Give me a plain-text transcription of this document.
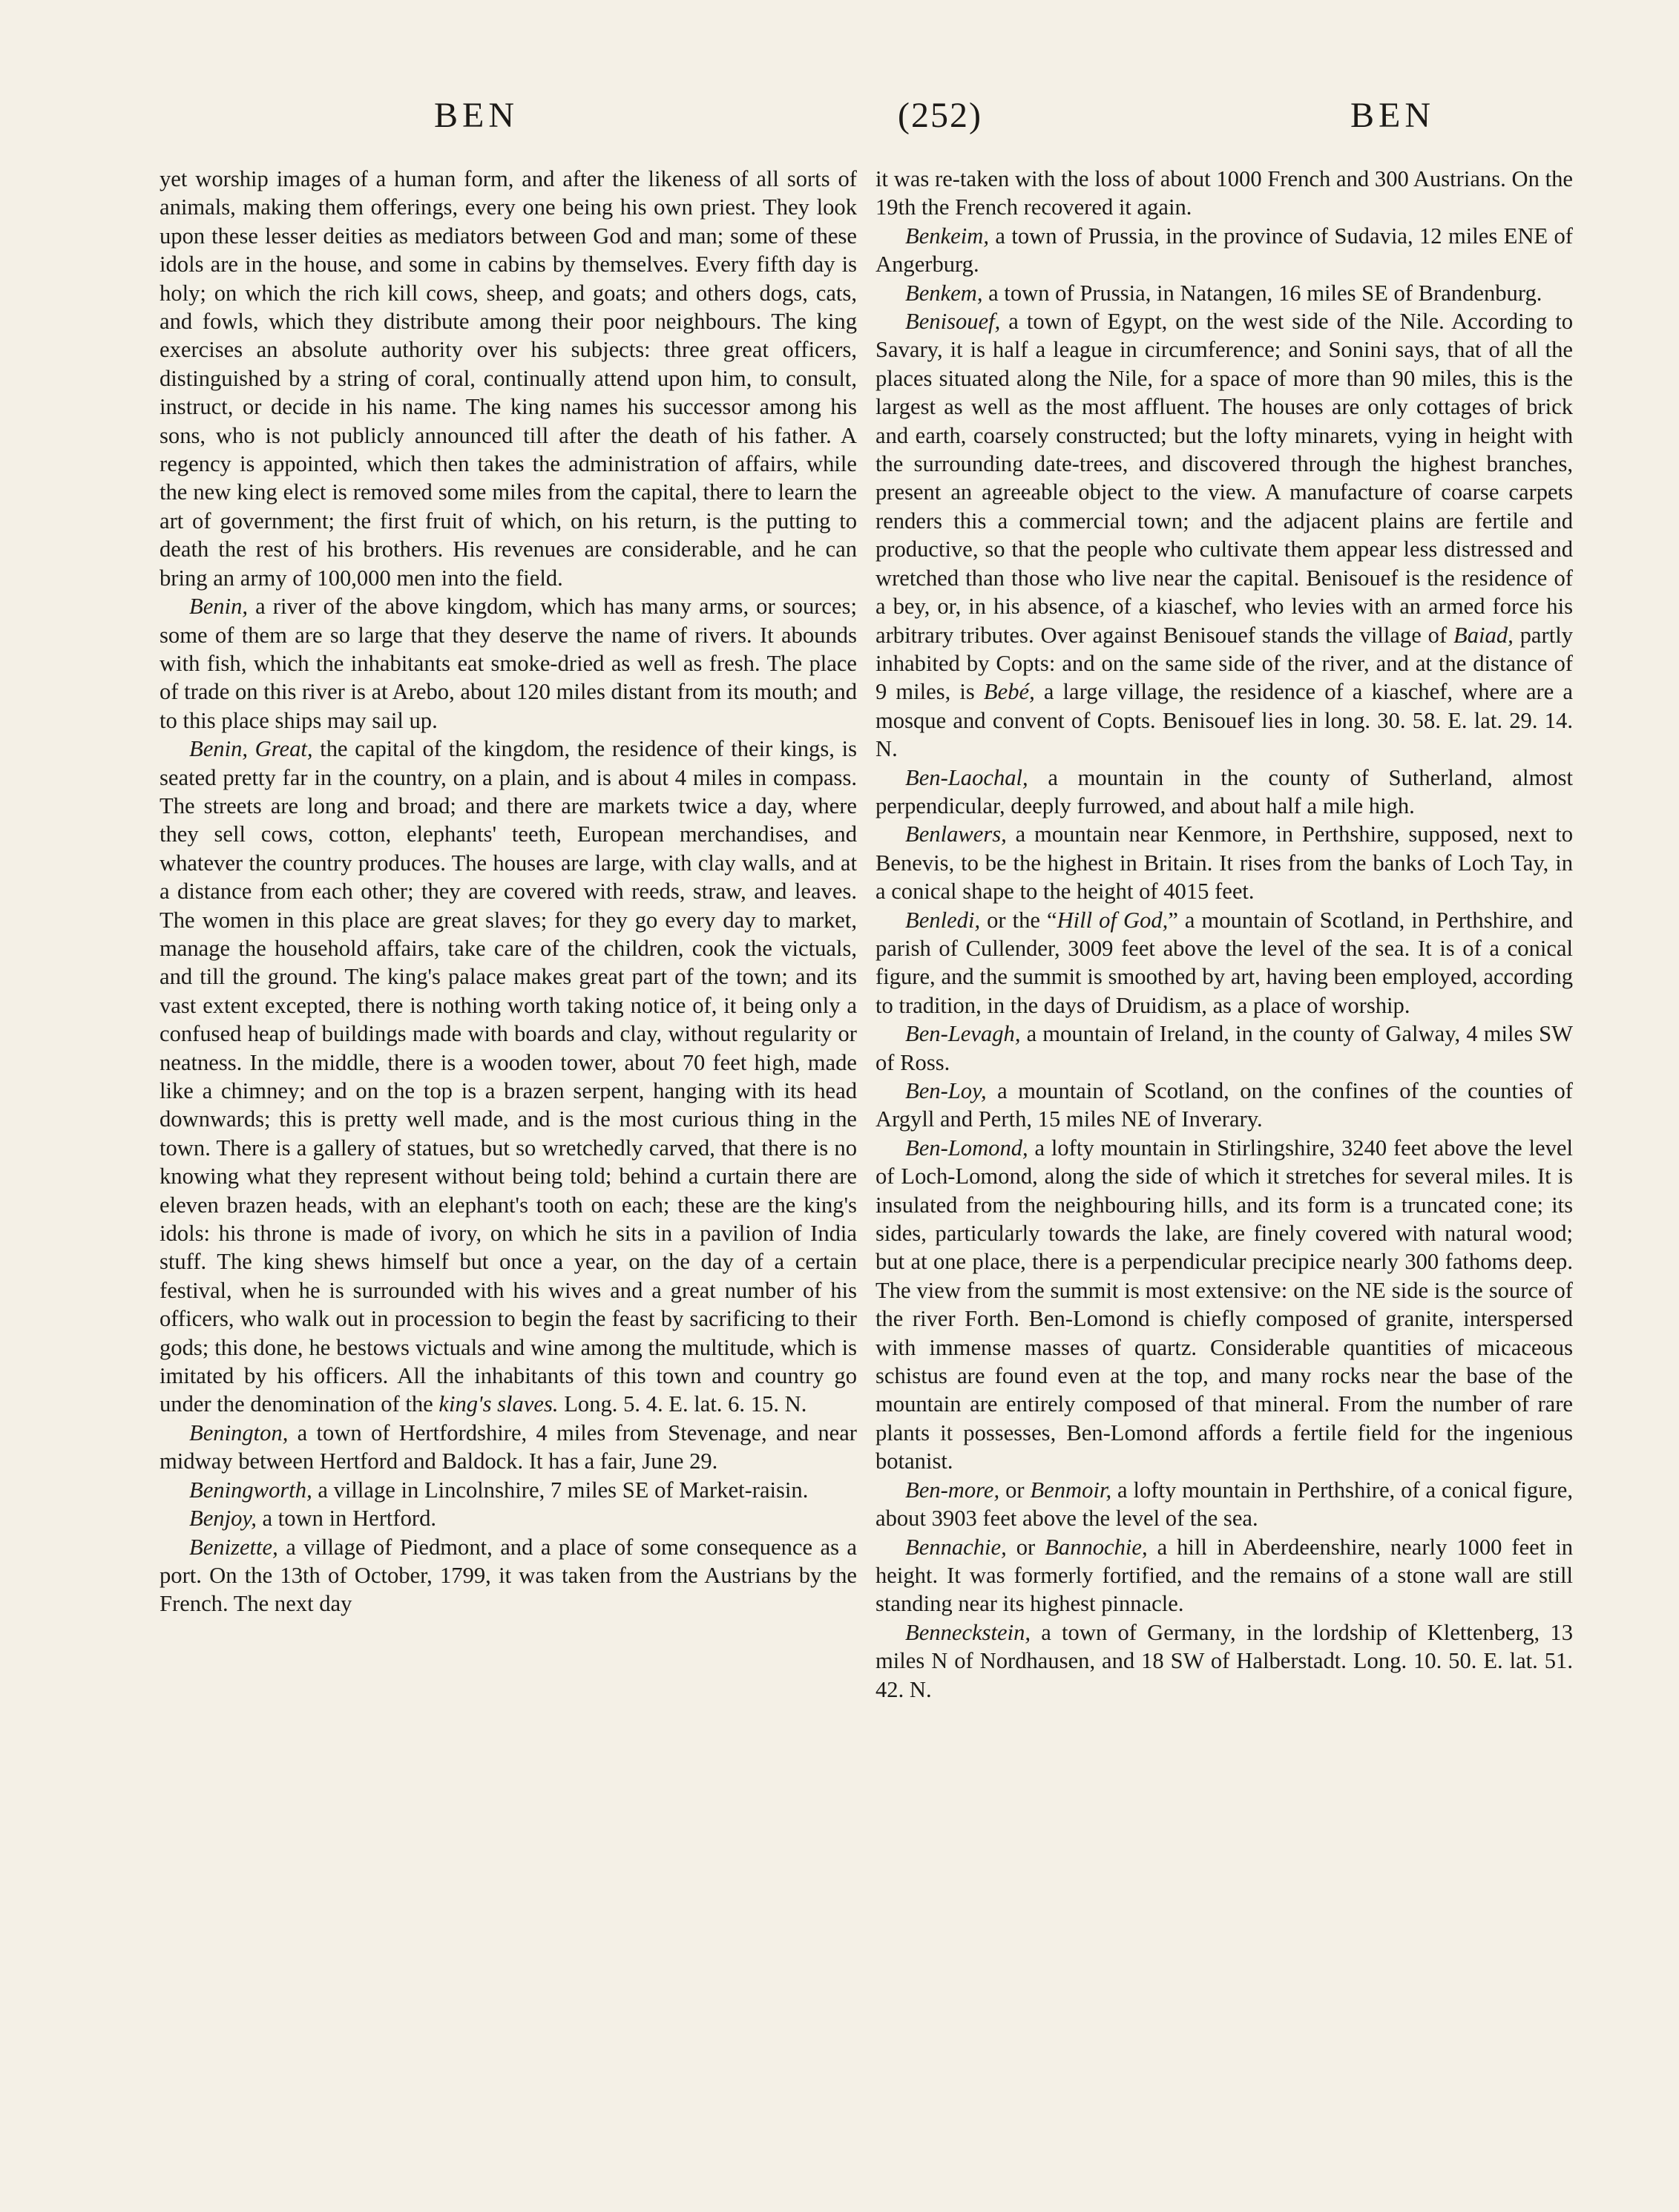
BEN	(252)	BEN

yet worship images of a human form, and after the likeness of all sorts of animals, making them offerings, every one being his own priest. They look upon these lesser deities as mediators between God and man; some of these idols are in the house, and some in cabins by themselves. Every fifth day is holy; on which the rich kill cows, sheep, and goats; and others dogs, cats, and fowls, which they distribute among their poor neighbours. The king exercises an absolute authority over his subjects: three great officers, distinguished by a string of coral, continually attend upon him, to consult, instruct, or decide in his name. The king names his successor among his sons, who is not publicly announced till after the death of his father. A regency is appointed, which then takes the administration of affairs, while the new king elect is removed some miles from the capital, there to learn the art of government; the first fruit of which, on his return, is the putting to death the rest of his brothers. His revenues are considerable, and he can bring an army of 100,000 men into the field.

Benin, a river of the above kingdom, which has many arms, or sources; some of them are so large that they deserve the name of rivers. It abounds with fish, which the inhabitants eat smoke-dried as well as fresh. The place of trade on this river is at Arebo, about 120 miles distant from its mouth; and to this place ships may sail up.

Benin, Great, the capital of the kingdom, the residence of their kings, is seated pretty far in the country, on a plain, and is about 4 miles in compass. The streets are long and broad; and there are markets twice a day, where they sell cows, cotton, elephants' teeth, European merchandises, and whatever the country produces. The houses are large, with clay walls, and at a distance from each other; they are covered with reeds, straw, and leaves. The women in this place are great slaves; for they go every day to market, manage the household affairs, take care of the children, cook the victuals, and till the ground. The king's palace makes great part of the town; and its vast extent excepted, there is nothing worth taking notice of, it being only a confused heap of buildings made with boards and clay, without regularity or neatness. In the middle, there is a wooden tower, about 70 feet high, made like a chimney; and on the top is a brazen serpent, hanging with its head downwards; this is pretty well made, and is the most curious thing in the town. There is a gallery of statues, but so wretchedly carved, that there is no knowing what they represent without being told; behind a curtain there are eleven brazen heads, with an elephant's tooth on each; these are the king's idols: his throne is made of ivory, on which he sits in a pavilion of India stuff. The king shews himself but once a year, on the day of a certain festival, when he is surrounded with his wives and a great number of his officers, who walk out in procession to begin the feast by sacrificing to their gods; this done, he bestows victuals and wine among the multitude, which is imitated by his officers. All the inhabitants of this town and country go under the denomination of the king's slaves. Long. 5. 4. E. lat. 6. 15. N.

Benington, a town of Hertfordshire, 4 miles from Stevenage, and near midway between Hertford and Baldock. It has a fair, June 29.

Beningworth, a village in Lincolnshire, 7 miles SE of Market-raisin.

Benjoy, a town in Hertford.

Benizette, a village of Piedmont, and a place of some consequence as a port. On the 13th of October, 1799, it was taken from the Austrians by the French. The next day

it was re-taken with the loss of about 1000 French and 300 Austrians. On the 19th the French recovered it again.

Benkeim, a town of Prussia, in the province of Sudavia, 12 miles ENE of Angerburg.

Benkem, a town of Prussia, in Natangen, 16 miles SE of Brandenburg.

Benisouef, a town of Egypt, on the west side of the Nile. According to Savary, it is half a league in circumference; and Sonini says, that of all the places situated along the Nile, for a space of more than 90 miles, this is the largest as well as the most affluent. The houses are only cottages of brick and earth, coarsely constructed; but the lofty minarets, vying in height with the surrounding date-trees, and discovered through the highest branches, present an agreeable object to the view. A manufacture of coarse carpets renders this a commercial town; and the adjacent plains are fertile and productive, so that the people who cultivate them appear less distressed and wretched than those who live near the capital. Benisouef is the residence of a bey, or, in his absence, of a kiaschef, who levies with an armed force his arbitrary tributes. Over against Benisouef stands the village of Baiad, partly inhabited by Copts: and on the same side of the river, and at the distance of 9 miles, is Bebé, a large village, the residence of a kiaschef, where are a mosque and convent of Copts. Benisouef lies in long. 30. 58. E. lat. 29. 14. N.

Ben-Laochal, a mountain in the county of Sutherland, almost perpendicular, deeply furrowed, and about half a mile high.

Benlawers, a mountain near Kenmore, in Perthshire, supposed, next to Benevis, to be the highest in Britain. It rises from the banks of Loch Tay, in a conical shape to the height of 4015 feet.

Benledi, or the “Hill of God,” a mountain of Scotland, in Perthshire, and parish of Cullender, 3009 feet above the level of the sea. It is of a conical figure, and the summit is smoothed by art, having been employed, according to tradition, in the days of Druidism, as a place of worship.

Ben-Levagh, a mountain of Ireland, in the county of Galway, 4 miles SW of Ross.

Ben-Loy, a mountain of Scotland, on the confines of the counties of Argyll and Perth, 15 miles NE of Inverary.

Ben-Lomond, a lofty mountain in Stirlingshire, 3240 feet above the level of Loch-Lomond, along the side of which it stretches for several miles. It is insulated from the neighbouring hills, and its form is a truncated cone; its sides, particularly towards the lake, are finely covered with natural wood; but at one place, there is a perpendicular precipice nearly 300 fathoms deep. The view from the summit is most extensive: on the NE side is the source of the river Forth. Ben-Lomond is chiefly composed of granite, interspersed with immense masses of quartz. Considerable quantities of micaceous schistus are found even at the top, and many rocks near the base of the mountain are entirely composed of that mineral. From the number of rare plants it possesses, Ben-Lomond affords a fertile field for the ingenious botanist.

Ben-more, or Benmoir, a lofty mountain in Perthshire, of a conical figure, about 3903 feet above the level of the sea.

Bennachie, or Bannochie, a hill in Aberdeenshire, nearly 1000 feet in height. It was formerly fortified, and the remains of a stone wall are still standing near its highest pinnacle.

Benneckstein, a town of Germany, in the lordship of Klettenberg, 13 miles N of Nordhausen, and 18 SW of Halberstadt. Long. 10. 50. E. lat. 51. 42. N.
